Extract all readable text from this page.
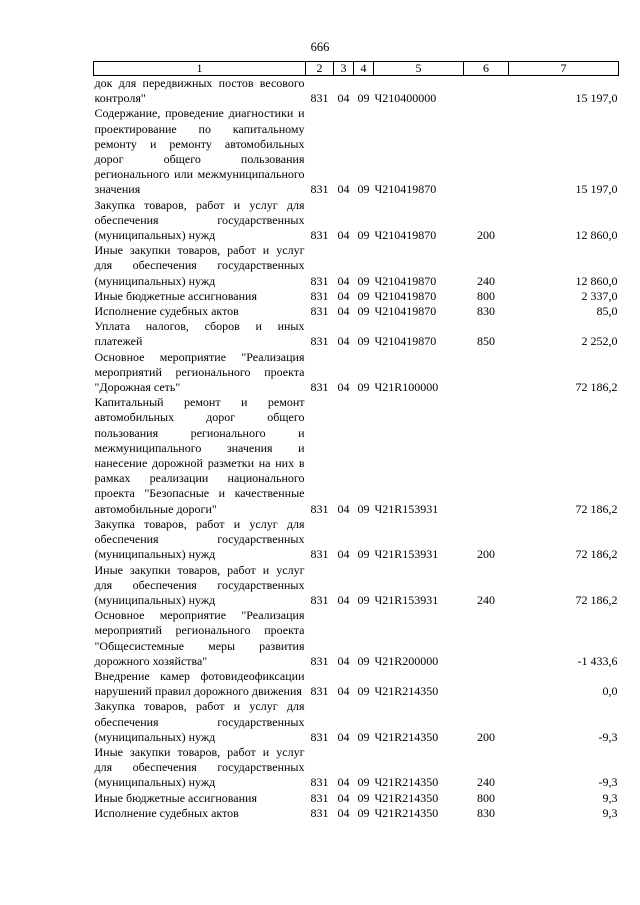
666
1	2	3	4	5	6	7
док для передвижных постов весового контроля"	831	04	09	Ч210400000		15 197,0
Содержание, проведение диагностики и проектирование по капитальному ремонту и ремонту автомобильных дорог общего пользования регионального или межмуниципального значения	831	04	09	Ч210419870		15 197,0
Закупка товаров, работ и услуг для обеспечения государственных (муниципальных) нужд	831	04	09	Ч210419870	200	12 860,0
Иные закупки товаров, работ и услуг для обеспечения государственных (муниципальных) нужд	831	04	09	Ч210419870	240	12 860,0
Иные бюджетные ассигнования	831	04	09	Ч210419870	800	2 337,0
Исполнение судебных актов	831	04	09	Ч210419870	830	85,0
Уплата налогов, сборов и иных платежей	831	04	09	Ч210419870	850	2 252,0
Основное мероприятие "Реализация мероприятий регионального проекта "Дорожная сеть"	831	04	09	Ч21R100000		72 186,2
Капитальный ремонт и ремонт автомобильных дорог общего пользования регионального и межмуниципального значения и нанесение дорожной разметки на них в рамках реализации национального проекта "Безопасные и качественные автомобильные дороги"	831	04	09	Ч21R153931		72 186,2
Закупка товаров, работ и услуг для обеспечения государственных (муниципальных) нужд	831	04	09	Ч21R153931	200	72 186,2
Иные закупки товаров, работ и услуг для обеспечения государственных (муниципальных) нужд	831	04	09	Ч21R153931	240	72 186,2
Основное мероприятие "Реализация мероприятий регионального проекта "Общесистемные меры развития дорожного хозяйства"	831	04	09	Ч21R200000		-1 433,6
Внедрение камер фотовидеофиксации нарушений правил дорожного движения	831	04	09	Ч21R214350		0,0
Закупка товаров, работ и услуг для обеспечения государственных (муниципальных) нужд	831	04	09	Ч21R214350	200	-9,3
Иные закупки товаров, работ и услуг для обеспечения государственных (муниципальных) нужд	831	04	09	Ч21R214350	240	-9,3
Иные бюджетные ассигнования	831	04	09	Ч21R214350	800	9,3
Исполнение судебных актов	831	04	09	Ч21R214350	830	9,3
